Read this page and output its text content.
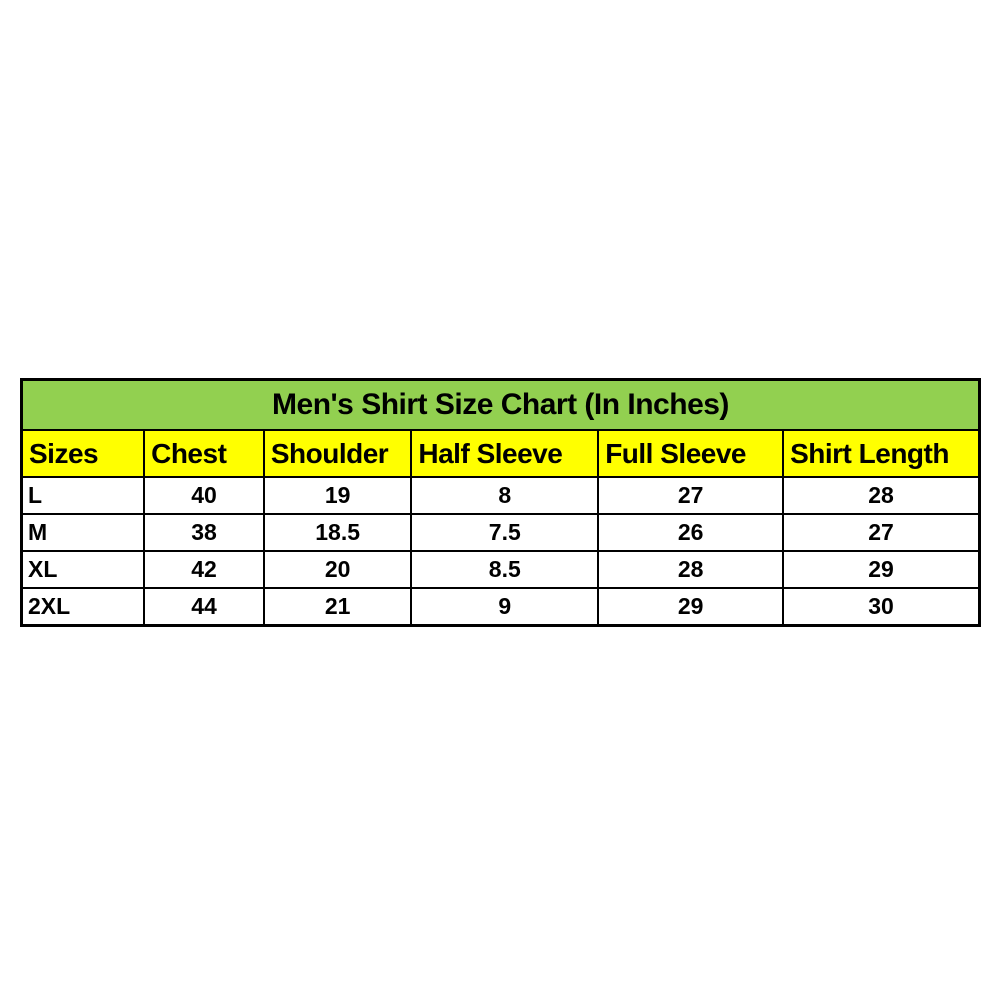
Men's Shirt Size Chart (In Inches)					
Sizes	Chest	Shoulder	Half Sleeve	Full Sleeve	Shirt Length
L	40	19	8	27	28
M	38	18.5	7.5	26	27
XL	42	20	8.5	28	29
2XL	44	21	9	29	30
